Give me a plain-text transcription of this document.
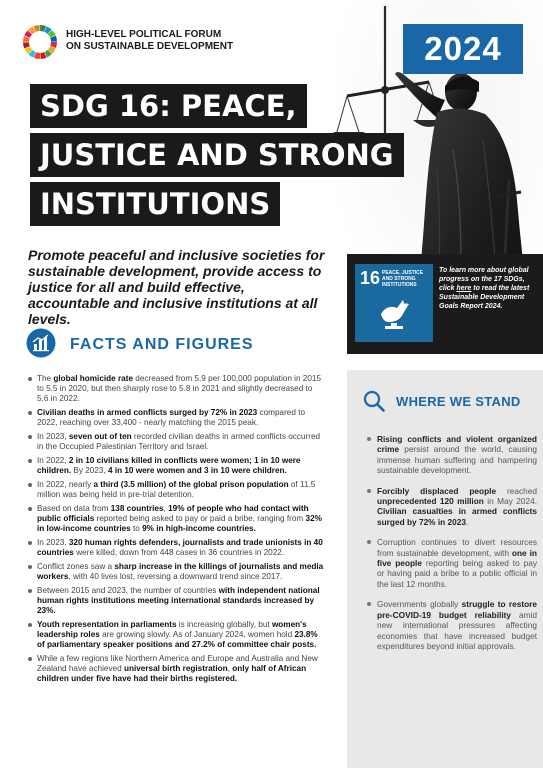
HIGH-LEVEL POLITICAL FORUM
ON SUSTAINABLE DEVELOPMENT	2024
SDG 16: PEACE,
JUSTICE AND STRONG
INSTITUTIONS
Promote peaceful and inclusive societies for sustainable development, provide access to justice for all and build effective, accountable and inclusive institutions at all levels.
16 PEACE, JUSTICE AND STRONG INSTITUTIONS
To learn more about global progress on the 17 SDGs, click here to read the latest Sustainable Development Goals Report 2024.
FACTS AND FIGURES
The global homicide rate decreased from 5.9 per 100,000 population in 2015 to 5.5 in 2020, but then sharply rose to 5.8 in 2021 and slightly decreased to 5.6 in 2022.
Civilian deaths in armed conflicts surged by 72% in 2023 compared to 2022, reaching over 33,400 - nearly matching the 2015 peak.
In 2023, seven out of ten recorded civilian deaths in armed conflicts occurred in the Occupied Palestinian Territory and Israel.
In 2022, 2 in 10 civilians killed in conflicts were women; 1 in 10 were children. By 2023, 4 in 10 were women and 3 in 10 were children.
In 2022, nearly a third (3.5 million) of the global prison population of 11.5 million was being held in pre-trial detention.
Based on data from 138 countries, 19% of people who had contact with public officials reported being asked to pay or paid a bribe, ranging from 32% in low-income countries to 9% in high-income countries.
In 2023, 320 human rights defenders, journalists and trade unionists in 40 countries were killed, down from 448 cases in 36 countries in 2022.
Conflict zones saw a sharp increase in the killings of journalists and media workers, with 40 lives lost, reversing a downward trend since 2017.
Between 2015 and 2023, the number of countries with independent national human rights institutions meeting international standards increased by 23%.
Youth representation in parliaments is increasing globally, but women's leadership roles are growing slowly. As of January 2024, women hold 23.8% of parliamentary speaker positions and 27.2% of committee chair posts.
While a few regions like Northern America and Europe and Australia and New Zealand have achieved universal birth registration, only half of African children under five have had their births registered.
WHERE WE STAND
Rising conflicts and violent organized crime persist around the world, causing immense human suffering and hampering sustainable development.
Forcibly displaced people reached unprecedented 120 million in May 2024. Civilian casualties in armed conflicts surged by 72% in 2023.
Corruption continues to divert resources from sustainable development, with one in five people reporting being asked to pay or having paid a bribe to a public official in the last 12 months.
Governments globally struggle to restore pre-COVID-19 budget reliability amid new international pressures affecting economies that have increased budget expenditures beyond initial approvals.
